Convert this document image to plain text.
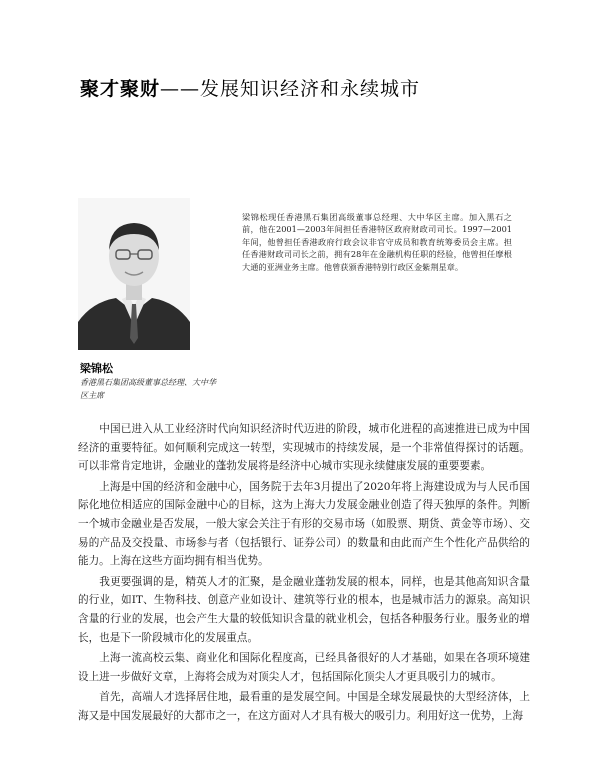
聚才聚财——发展知识经济和永续城市
梁锦松现任香港黑石集团高级董事总经理、大中华区主席。加入黑石之前，他在2001—2003年间担任香港特区政府财政司司长。1997—2001年间，他曾担任香港政府行政会议非官守成员和教育统筹委员会主席。担任香港财政司司长之前，拥有28年在金融机构任职的经验，他曾担任摩根大通的亚洲业务主席。他曾获颁香港特别行政区金紫荆星章。
梁锦松
香港黑石集团高级董事总经理、大中华区主席

中国已进入从工业经济时代向知识经济时代迈进的阶段，城市化进程的高速推进已成为中国经济的重要特征。如何顺利完成这一转型，实现城市的持续发展，是一个非常值得探讨的话题。可以非常肯定地讲，金融业的蓬勃发展将是经济中心城市实现永续健康发展的重要要素。

上海是中国的经济和金融中心，国务院于去年3月提出了2020年将上海建设成为与人民币国际化地位相适应的国际金融中心的目标，这为上海大力发展金融业创造了得天独厚的条件。判断一个城市金融业是否发展，一般大家会关注于有形的交易市场（如股票、期货、黄金等市场）、交易的产品及交投量、市场参与者（包括银行、证券公司）的数量和由此而产生个性化产品供给的能力。上海在这些方面均拥有相当优势。

我更要强调的是，精英人才的汇聚，是金融业蓬勃发展的根本，同样，也是其他高知识含量的行业，如IT、生物科技、创意产业如设计、建筑等行业的根本，也是城市活力的源泉。高知识含量的行业的发展，也会产生大量的较低知识含量的就业机会，包括各种服务行业。服务业的增长，也是下一阶段城市化的发展重点。

上海一流高校云集、商业化和国际化程度高，已经具备很好的人才基础，如果在各项环境建设上进一步做好文章，上海将会成为对顶尖人才，包括国际化顶尖人才更具吸引力的城市。

首先，高端人才选择居住地，最看重的是发展空间。中国是全球发展最快的大型经济体，上海又是中国发展最好的大都市之一，在这方面对人才具有极大的吸引力。利用好这一优势，上海
